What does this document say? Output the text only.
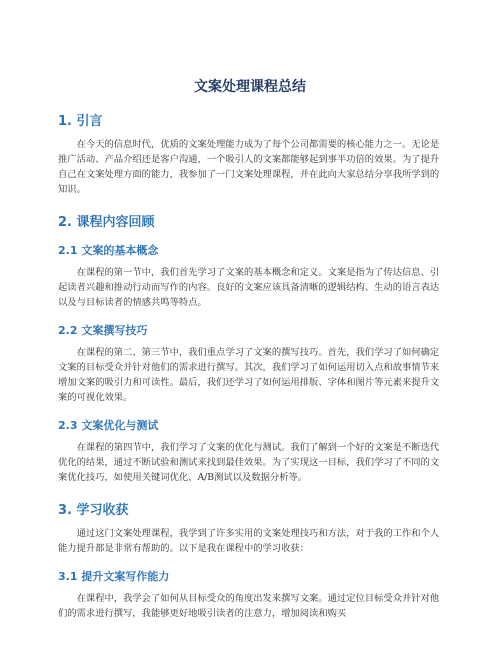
文案处理课程总结
1. 引言

在今天的信息时代，优质的文案处理能力成为了每个公司都需要的核心能力之一。无论是推广活动、产品介绍还是客户沟通，一个吸引人的文案都能够起到事半功倍的效果。为了提升自己在文案处理方面的能力，我参加了一门文案处理课程，并在此向大家总结分享我所学到的知识。

2. 课程内容回顾
2.1 文案的基本概念

在课程的第一节中，我们首先学习了文案的基本概念和定义。文案是指为了传达信息、引起读者兴趣和推动行动而写作的内容。良好的文案应该具备清晰的逻辑结构、生动的语言表达以及与目标读者的情感共鸣等特点。

2.2 文案撰写技巧

在课程的第二、第三节中，我们重点学习了文案的撰写技巧。首先，我们学习了如何确定文案的目标受众并针对他们的需求进行撰写。其次，我们学习了如何运用切入点和故事情节来增加文案的吸引力和可读性。最后，我们还学习了如何运用排版、字体和图片等元素来提升文案的可视化效果。

2.3 文案优化与测试

在课程的第四节中，我们学习了文案的优化与测试。我们了解到一个好的文案是不断迭代优化的结果，通过不断试验和测试来找到最佳效果。为了实现这一目标，我们学习了不同的文案优化技巧，如使用关键词优化、A/B测试以及数据分析等。

3. 学习收获

通过这门文案处理课程，我学到了许多实用的文案处理技巧和方法，对于我的工作和个人能力提升都是非常有帮助的。以下是我在课程中的学习收获：

3.1 提升文案写作能力

在课程中，我学会了如何从目标受众的角度出发来撰写文案。通过定位目标受众并针对他们的需求进行撰写，我能够更好地吸引读者的注意力，增加阅读和购买
